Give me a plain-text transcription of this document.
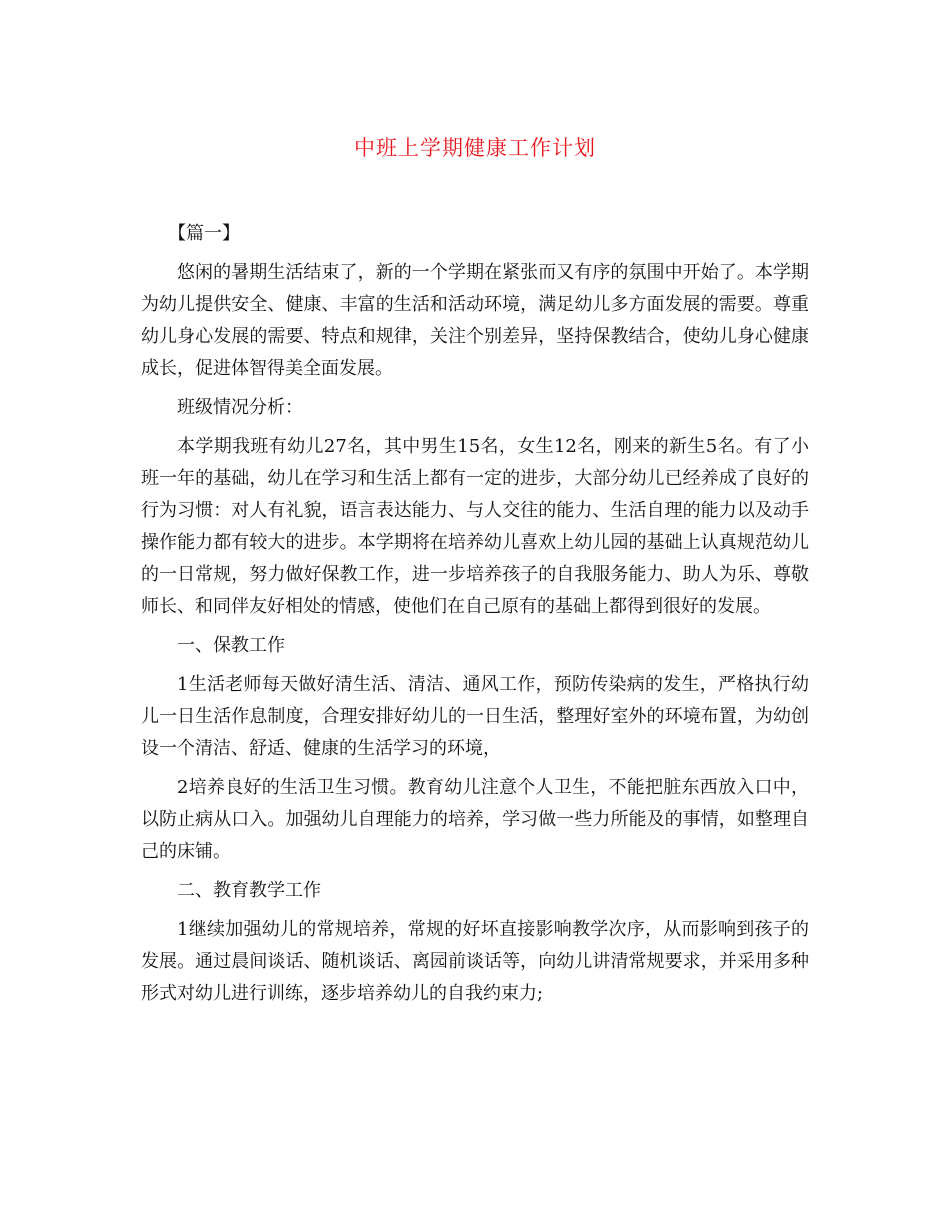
中班上学期健康工作计划

【篇一】

悠闲的暑期生活结束了，新的一个学期在紧张而又有序的氛围中开始了。本学期为幼儿提供安全、健康、丰富的生活和活动环境，满足幼儿多方面发展的需要。尊重幼儿身心发展的需要、特点和规律，关注个别差异，坚持保教结合，使幼儿身心健康成长，促进体智得美全面发展。

班级情况分析：

本学期我班有幼儿27名，其中男生15名，女生12名，刚来的新生5名。有了小班一年的基础，幼儿在学习和生活上都有一定的进步，大部分幼儿已经养成了良好的行为习惯：对人有礼貌，语言表达能力、与人交往的能力、生活自理的能力以及动手操作能力都有较大的进步。本学期将在培养幼儿喜欢上幼儿园的基础上认真规范幼儿的一日常规，努力做好保教工作，进一步培养孩子的自我服务能力、助人为乐、尊敬师长、和同伴友好相处的情感，使他们在自己原有的基础上都得到很好的发展。

一、保教工作

1生活老师每天做好清生活、清洁、通风工作，预防传染病的发生，严格执行幼儿一日生活作息制度，合理安排好幼儿的一日生活，整理好室外的环境布置，为幼创设一个清洁、舒适、健康的生活学习的环境，

2培养良好的生活卫生习惯。教育幼儿注意个人卫生，不能把脏东西放入口中，以防止病从口入。加强幼儿自理能力的培养，学习做一些力所能及的事情，如整理自己的床铺。

二、教育教学工作

1继续加强幼儿的常规培养，常规的好坏直接影响教学次序，从而影响到孩子的发展。通过晨间谈话、随机谈话、离园前谈话等，向幼儿讲清常规要求，并采用多种形式对幼儿进行训练，逐步培养幼儿的自我约束力;
